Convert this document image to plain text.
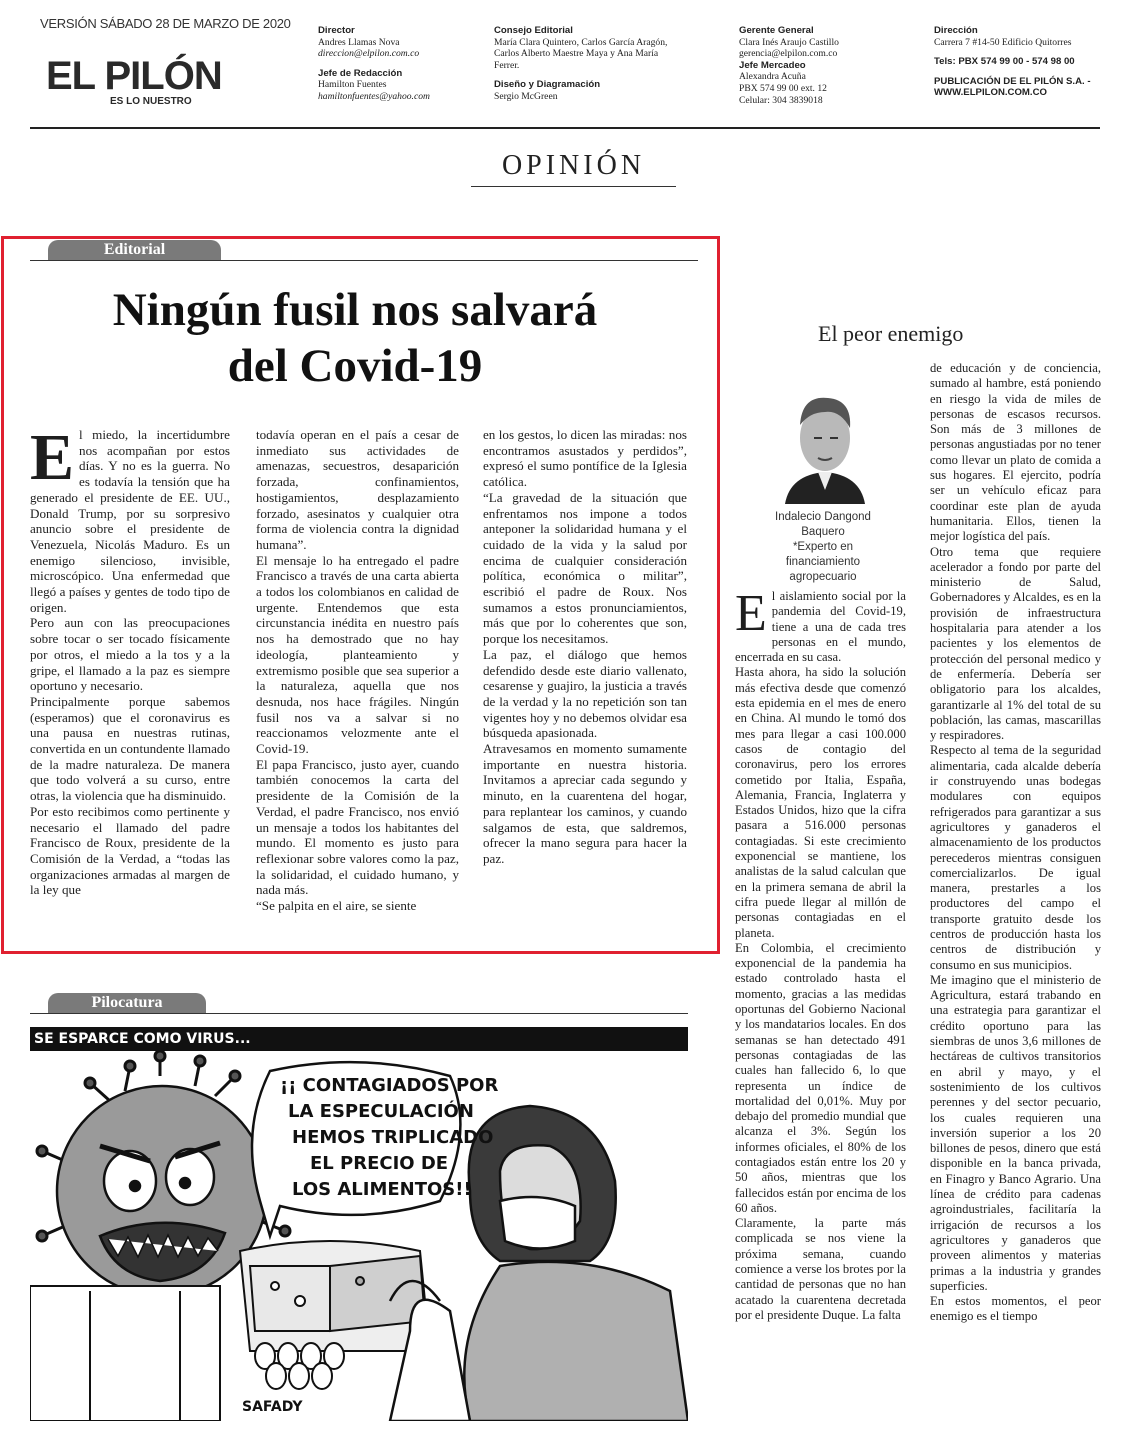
VERSIÓN SÁBADO 28 DE MARZO DE 2020
EL PILÓN
ES LO NUESTRO
Director
Andres Llamas Nova
direccion@elpilon.com.co
Jefe de Redacción
Hamilton Fuentes
hamiltonfuentes@yahoo.com
Consejo Editorial
María Clara Quintero, Carlos García Aragón,
Carlos Alberto Maestre Maya y Ana María
Ferrer.
Diseño y Diagramación
Sergio McGreen
Gerente General
Clara Inés Araujo Castillo
gerencia@elpilon.com.co
Jefe Mercadeo
Alexandra Acuña
PBX 574 99 00 ext. 12
Celular: 304 3839018
Dirección
Carrera 7 #14-50 Edificio Quitorres
Tels: PBX 574 99 00 - 574 98 00
PUBLICACIÓN DE EL PILÓN S.A. -
WWW.ELPILON.COM.CO
OPINIÓN
Editorial
Ningún fusil nos salvará
del Covid-19
E l miedo, la incertidumbre nos acompañan por estos días. Y no es la guerra. No es todavía la tensión que ha generado el presidente de EE. UU., Donald Trump, por su sorpresivo anuncio sobre el presidente de Venezuela, Nicolás Maduro. Es un enemigo silencioso, invisible, microscópico. Una enfermedad que llegó a países y gentes de todo tipo de origen.

Pero aun con las preocupaciones sobre tocar o ser tocado físicamente por otros, el miedo a la tos y a la gripe, el llamado a la paz es siempre oportuno y necesario.

Principalmente porque sabemos (esperamos) que el coronavirus es una pausa en nuestras rutinas, convertida en un contundente llamado de la madre naturaleza. De manera que todo volverá a su curso, entre otras, la violencia que ha disminuido.

Por esto recibimos como pertinente y necesario el llamado del padre Francisco de Roux, presidente de la Comisión de la Verdad, a “todas las organizaciones armadas al margen de la ley que

todavía operan en el país a cesar de inmediato sus actividades de amenazas, secuestros, desaparición forzada, confinamientos, hostigamientos, desplazamiento forzado, asesinatos y cualquier otra forma de violencia contra la dignidad humana”.

El mensaje lo ha entregado el padre Francisco a través de una carta abierta a todos los colombianos en calidad de urgente. Entendemos que esta circunstancia inédita en nuestro país nos ha demostrado que no hay ideología, planteamiento y extremismo posible que sea superior a la naturaleza, aquella que nos desnuda, nos hace frágiles. Ningún fusil nos va a salvar si no reaccionamos velozmente ante el Covid-19.

El papa Francisco, justo ayer, cuando también conocemos la carta del presidente de la Comisión de la Verdad, el padre Francisco, nos envió un mensaje a todos los habitantes del mundo. El momento es justo para reflexionar sobre valores como la paz, la solidaridad, el cuidado humano, y nada más.

“Se palpita en el aire, se siente

en los gestos, lo dicen las miradas: nos encontramos asustados y perdidos”, expresó el sumo pontífice de la Iglesia católica.

“La gravedad de la situación que enfrentamos nos impone a todos anteponer la solidaridad humana y el cuidado de la vida y la salud por encima de cualquier consideración política, económica o militar”, escribió el padre de Roux. Nos sumamos a estos pronunciamientos, más que por lo coherentes que son, porque los necesitamos.

La paz, el diálogo que hemos defendido desde este diario vallenato, cesarense y guajiro, la justicia a través de la verdad y la no repetición son tan vigentes hoy y no debemos olvidar esa búsqueda apasionada.

Atravesamos en momento sumamente importante en nuestra historia. Invitamos a apreciar cada segundo y minuto, en la cuarentena del hogar, para replantear los caminos, y cuando salgamos de esta, que saldremos, ofrecer la mano segura para hacer la paz.

Pilocatura
SE ESPARCE COMO VIRUS...
¡¡ CONTAGIADOS POR
LA ESPECULACIÓN
HEMOS TRIPLICADO
EL PRECIO DE
LOS ALIMENTOS!!
SAFADY
El peor enemigo
Indalecio Dangond
Baquero
*Experto en financiamiento
agropecuario
E l aislamiento social por la pandemia del Covid-19, tiene a una de cada tres personas en el mundo, encerrada en su casa.

Hasta ahora, ha sido la solución más efectiva desde que comenzó esta epidemia en el mes de enero en China. Al mundo le tomó dos mes para llegar a casi 100.000 casos de contagio del coronavirus, pero los errores cometido por Italia, España, Alemania, Francia, Inglaterra y Estados Unidos, hizo que la cifra pasara a 516.000 personas contagiadas. Si este crecimiento exponencial se mantiene, los analistas de la salud calculan que en la primera semana de abril la cifra puede llegar al millón de personas contagiadas en el planeta.

En Colombia, el crecimiento exponencial de la pandemia ha estado controlado hasta el momento, gracias a las medidas oportunas del Gobierno Nacional y los mandatarios locales. En dos semanas se han detectado 491 personas contagiadas de las cuales han fallecido 6, lo que representa un índice de mortalidad del 0,01%. Muy por debajo del promedio mundial que alcanza el 3%. Según los informes oficiales, el 80% de los contagiados están entre los 20 y 50 años, mientras que los fallecidos están por encima de los 60 años.

Claramente, la parte más complicada se nos viene la próxima semana, cuando comience a verse los brotes por la cantidad de personas que no han acatado la cuarentena decretada por el presidente Duque. La falta

de educación y de conciencia, sumado al hambre, está poniendo en riesgo la vida de miles de personas de escasos recursos. Son más de 3 millones de personas angustiadas por no tener como llevar un plato de comida a sus hogares. El ejercito, podría ser un vehículo eficaz para coordinar este plan de ayuda humanitaria. Ellos, tienen la mejor logística del país.

Otro tema que requiere acelerador a fondo por parte del ministerio de Salud, Gobernadores y Alcaldes, es en la provisión de infraestructura hospitalaria para atender a los pacientes y los elementos de protección del personal medico y de enfermería. Debería ser obligatorio para los alcaldes, garantizarle al 1% del total de su población, las camas, mascarillas y respiradores.

Respecto al tema de la seguridad alimentaria, cada alcalde debería ir construyendo unas bodegas modulares con equipos refrigerados para garantizar a sus agricultores y ganaderos el almacenamiento de los productos perecederos mientras consiguen comercializarlos. De igual manera, prestarles a los productores del campo el transporte gratuito desde los centros de producción hasta los centros de distribución y consumo en sus municipios.

Me imagino que el ministerio de Agricultura, estará trabando en una estrategia para garantizar el crédito oportuno para las siembras de unos 3,6 millones de hectáreas de cultivos transitorios en abril y mayo, y el sostenimiento de los cultivos perennes y del sector pecuario, los cuales requieren una inversión superior a los 20 billones de pesos, dinero que está disponible en la banca privada, en Finagro y Banco Agrario. Una línea de crédito para cadenas agroindustriales, facilitaría la irrigación de recursos a los agricultores y ganaderos que proveen alimentos y materias primas a la industria y grandes superficies.

En estos momentos, el peor enemigo es el tiempo
